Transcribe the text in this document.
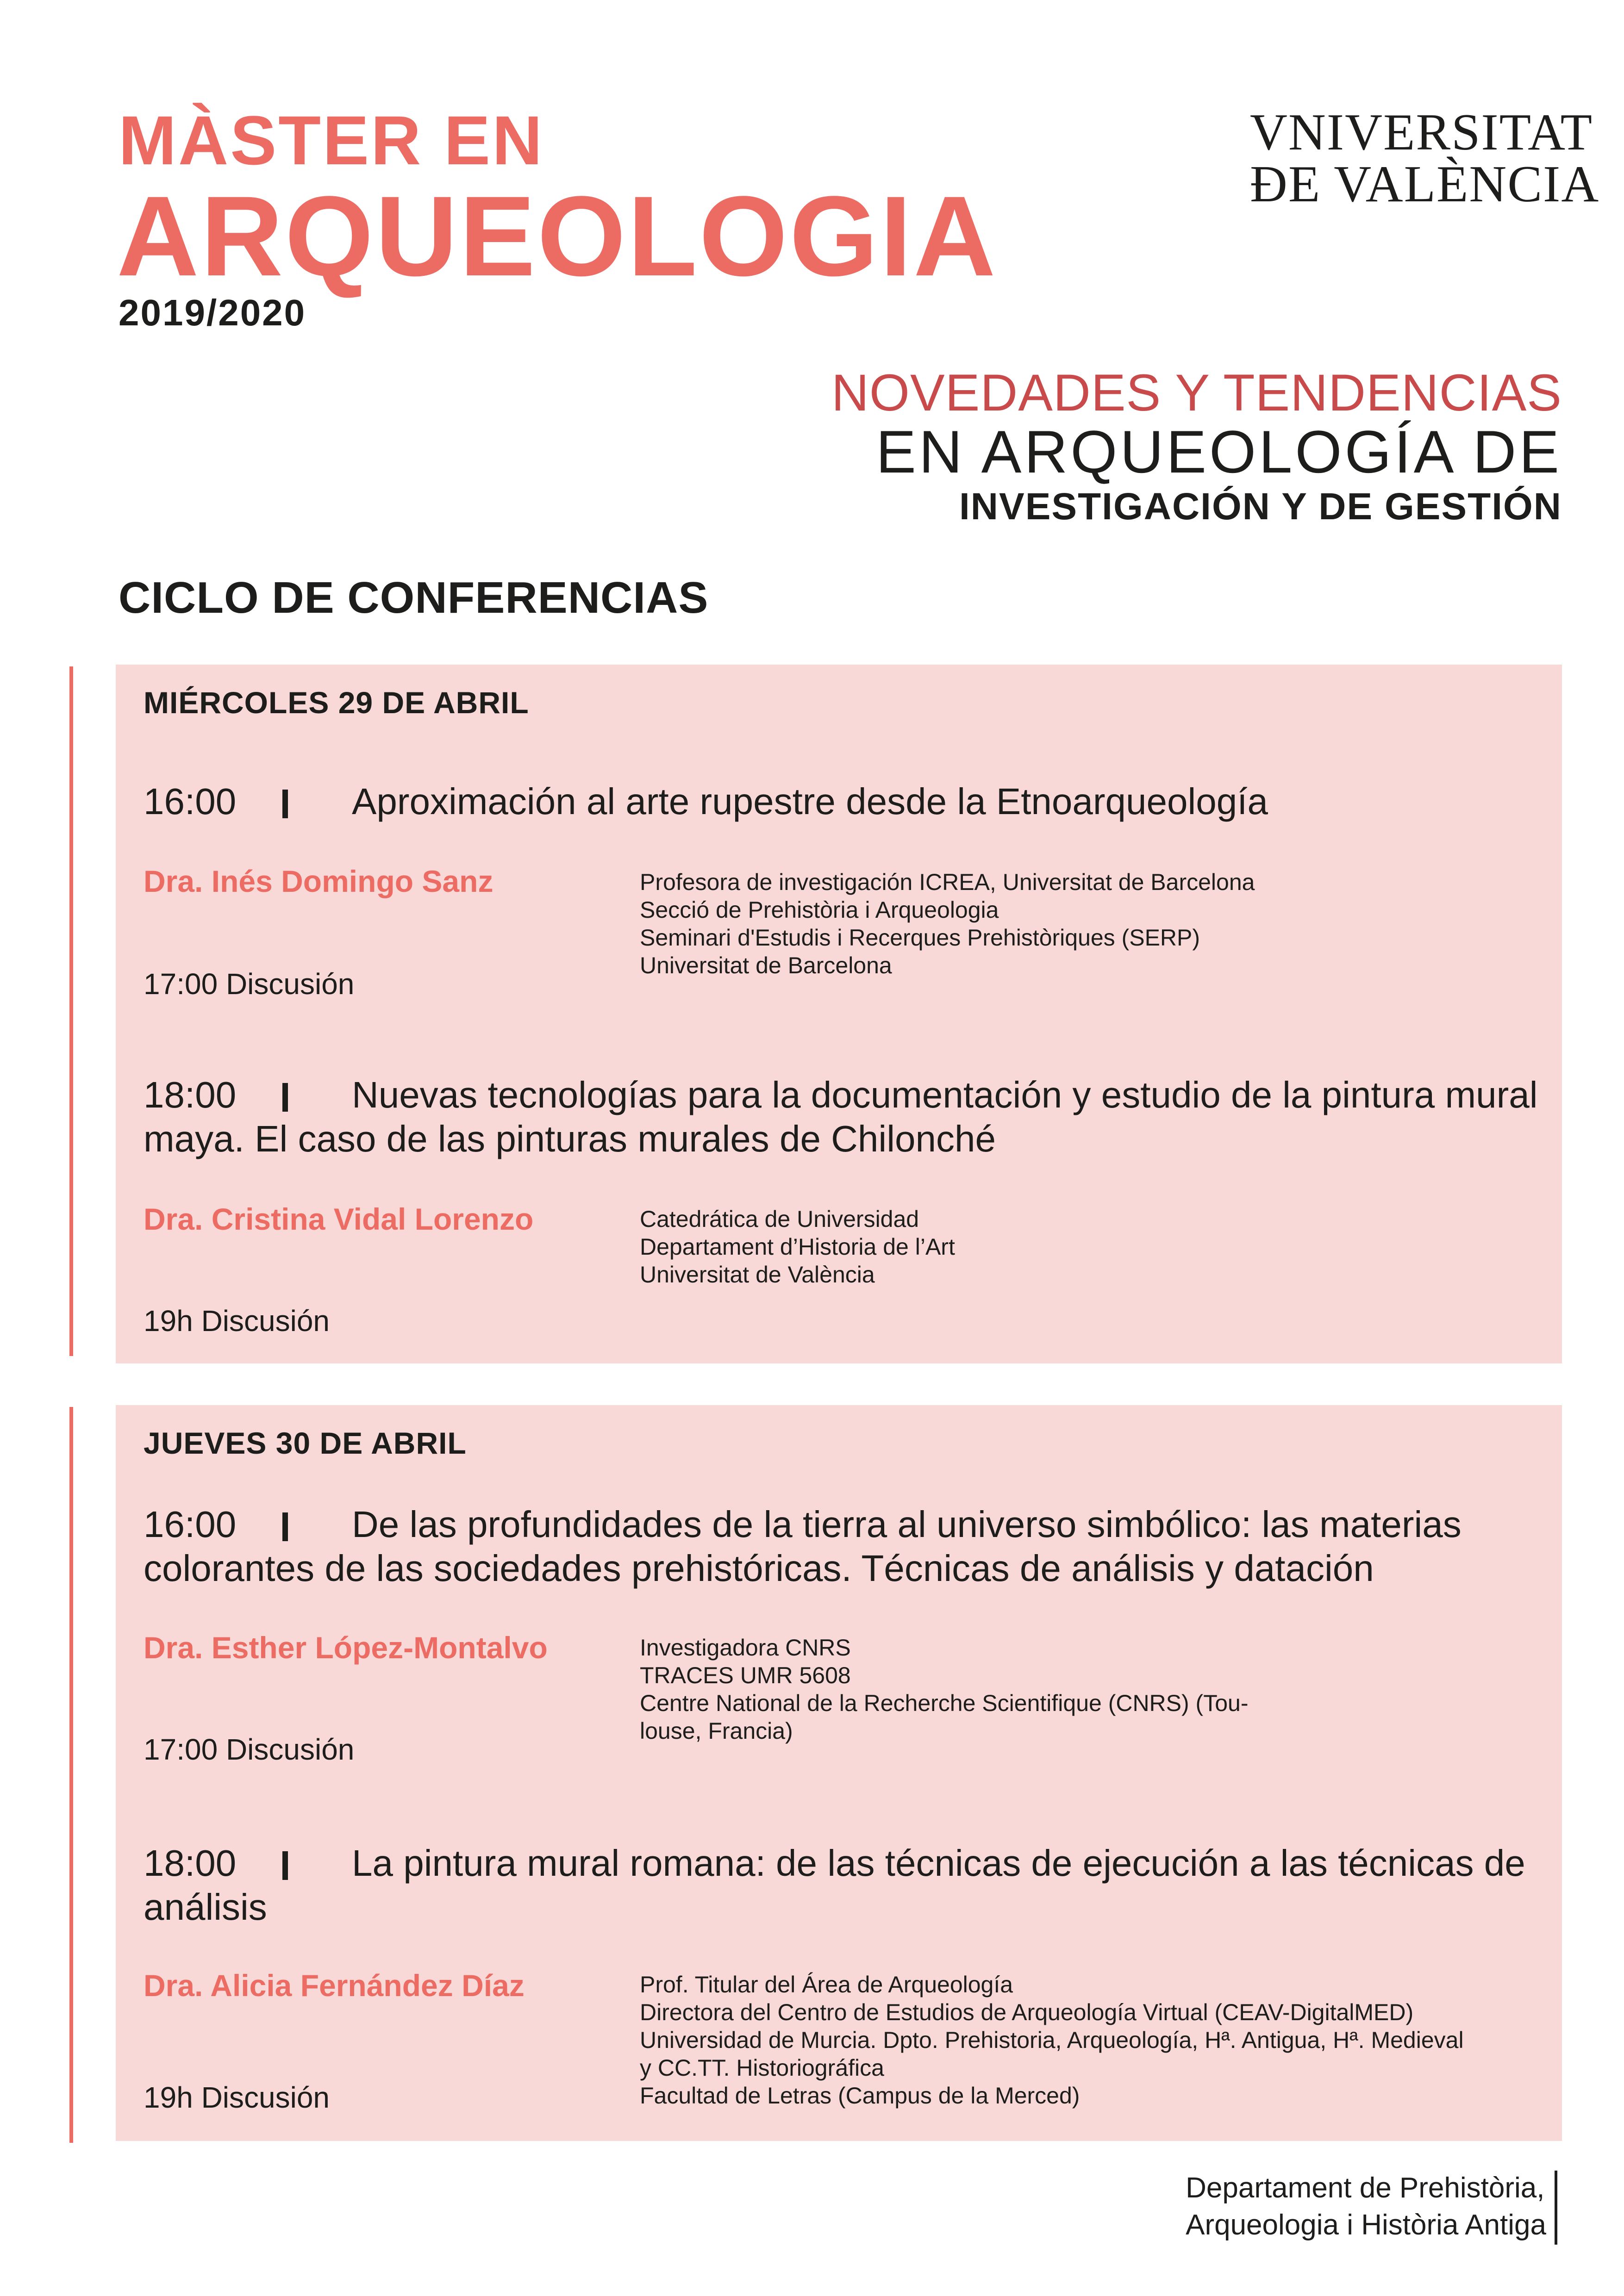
MÀSTER EN
ARQUEOLOGIA
2019/2020
VNIVERSITAT
ÐE VALÈNCIA
NOVEDADES Y TENDENCIAS
EN ARQUEOLOGÍA DE
INVESTIGACIÓN Y DE GESTIÓN
CICLO DE CONFERENCIAS
MIÉRCOLES 29 DE ABRIL
16:00	Aproximación al arte rupestre desde la Etnoarqueología
Dra. Inés Domingo Sanz	Profesora de investigación ICREA, Universitat de Barcelona
Secció de Prehistòria i Arqueologia
Seminari d'Estudis i Recerques Prehistòriques (SERP)
Universitat de Barcelona
17:00 Discusión
18:00	Nuevas tecnologías para la documentación y estudio de la pintura mural maya. El caso de las pinturas murales de Chilonché
Dra. Cristina Vidal Lorenzo	Catedrática de Universidad
Departament d’Historia de l’Art
Universitat de València
19h Discusión
JUEVES 30 DE ABRIL
16:00	De las profundidades de la tierra al universo simbólico: las materias colorantes de las sociedades prehistóricas. Técnicas de análisis y datación
Dra. Esther López-Montalvo	Investigadora CNRS
TRACES UMR 5608
Centre National de la Recherche Scientifique (CNRS) (Tou-
louse, Francia)
17:00 Discusión
18:00	La pintura mural romana: de las técnicas de ejecución a las técnicas de análisis
Dra. Alicia Fernández Díaz	Prof. Titular del Área de Arqueología
Directora del Centro de Estudios de Arqueología Virtual (CEAV-DigitalMED)
Universidad de Murcia. Dpto. Prehistoria, Arqueología, Hª. Antigua, Hª. Medieval
y CC.TT. Historiográfica
Facultad de Letras (Campus de la Merced)
19h Discusión
Departament de Prehistòria,
Arqueologia i Història Antiga
